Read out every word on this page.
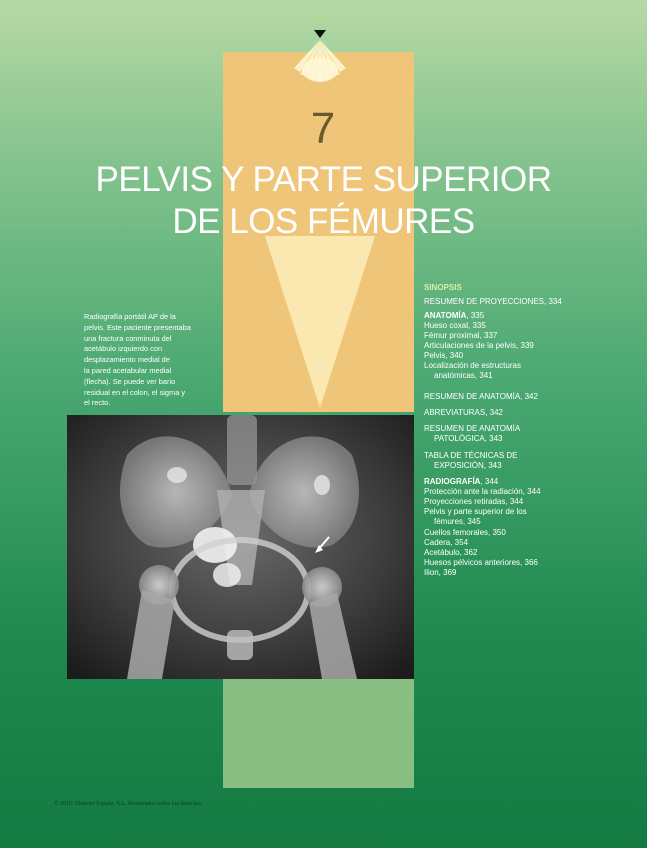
7
PELVIS Y PARTE SUPERIOR
DE LOS FÉMURES
Radiografía portátil AP de la
pelvis. Este paciente presentaba
una fractura conminuta del
acetábulo izquierdo con
desplazamiento medial de
la pared acetabular medial
(flecha). Se puede ver bario
residual en el colon, el sigma y
el recto.
SINOPSIS
RESUMEN DE PROYECCIONES, 334
ANATOMÍA, 335
Hueso coxal, 335
Fémur proximal, 337
Articulaciones de la pelvis, 339
Pelvis, 340
Localización de estructuras
anatómicas, 341
RESUMEN DE ANATOMÍA, 342
ABREVIATURAS, 342
RESUMEN DE ANATOMÍA
PATOLÓGICA, 343
TABLA DE TÉCNICAS DE
EXPOSICIÓN, 343
RADIOGRAFÍA, 344
Protección ante la radiación, 344
Proyecciones retiradas, 344
Pelvis y parte superior de los
fémures, 345
Cuellos femorales, 350
Cadera, 354
Acetábulo, 362
Huesos pélvicos anteriores, 366
Ilion, 369
© 2010. Elsevier España, S.L. Reservados todos los derechos
